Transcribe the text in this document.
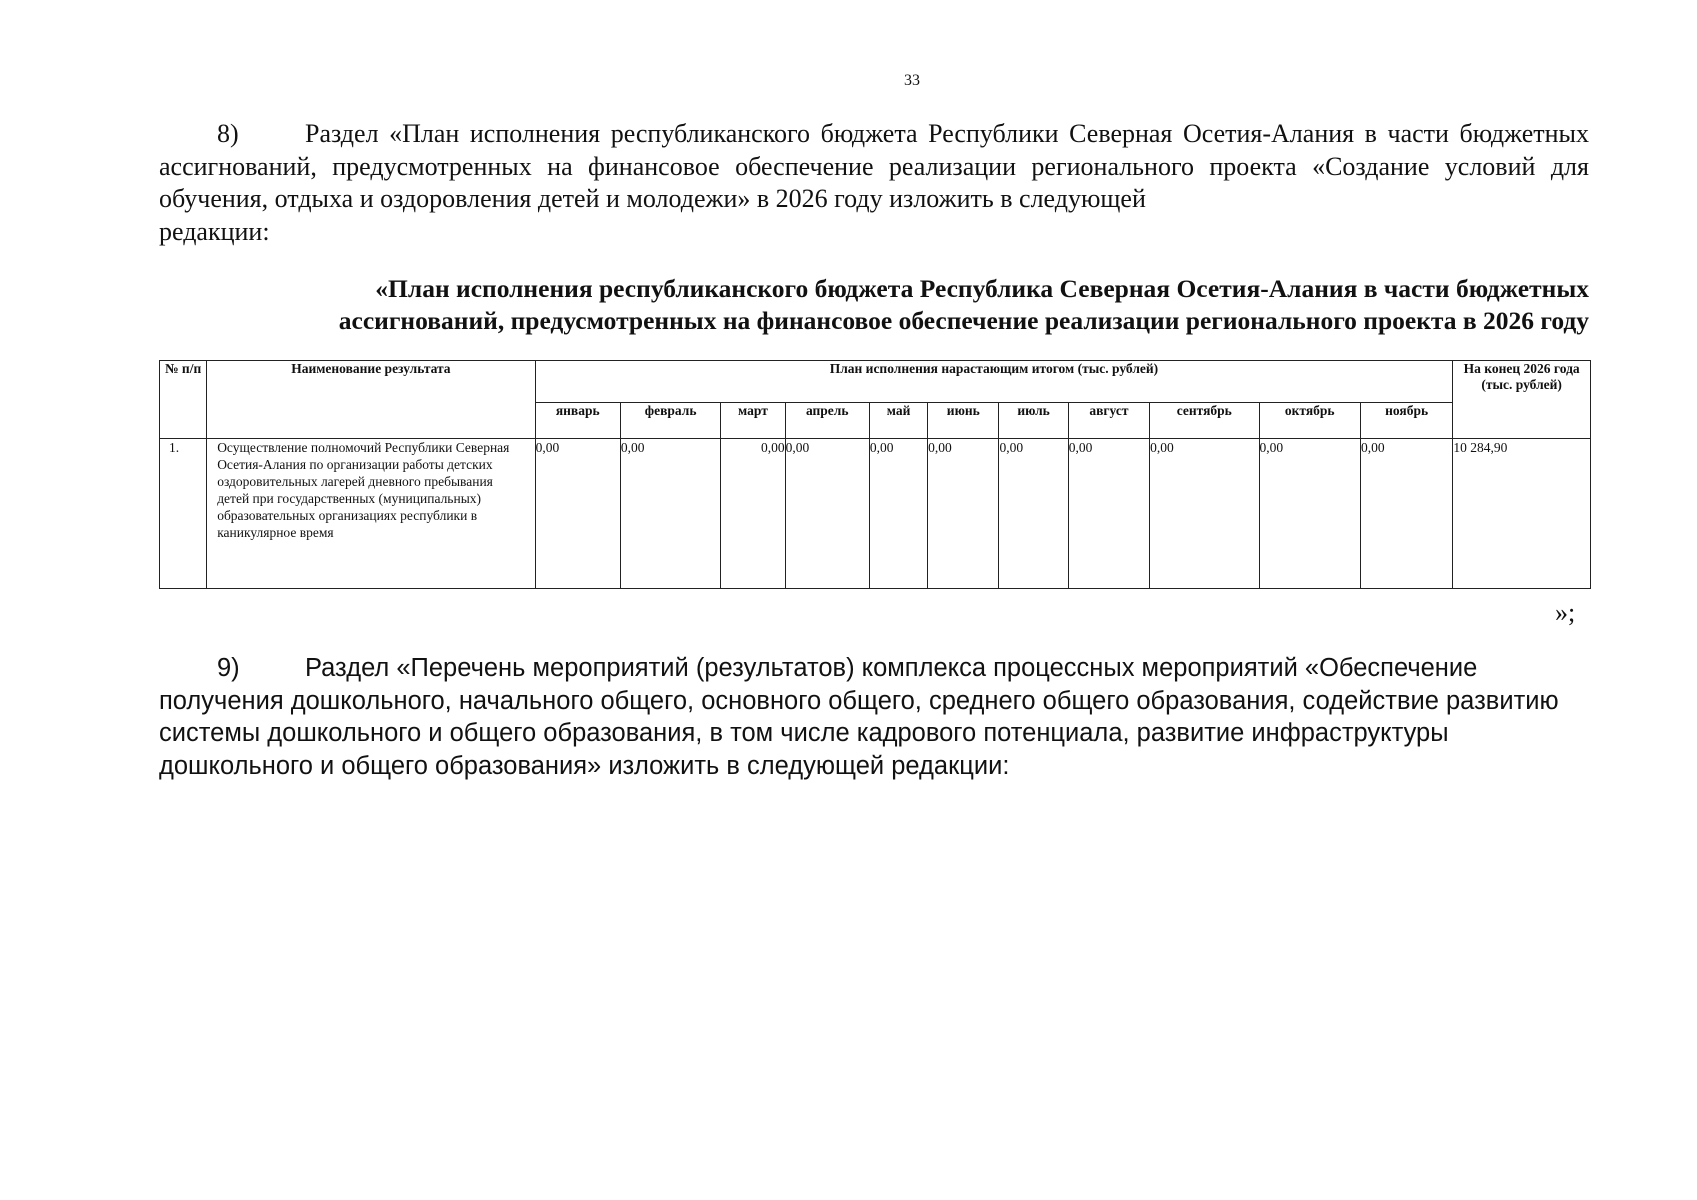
33
8)	Раздел «План исполнения республиканского бюджета Республики Северная Осетия-Алания в части бюджетных ассигнований, предусмотренных на финансовое обеспечение реализации регионального проекта «Создание условий для обучения, отдыха и оздоровления детей и молодежи» в 2026 году изложить в следующей
редакции:
«План исполнения республиканского бюджета Республика Северная Осетия-Алания в части бюджетных
ассигнований, предусмотренных на финансовое обеспечение реализации регионального проекта в 2026 году
№ п/п	Наименование результата	План исполнения нарастающим итогом (тыс. рублей)											На конец 2026 года (тыс. рублей)
		январь	февраль	март	апрель	май	июнь	июль	август	сентябрь	октябрь	ноябрь	
1.	Осуществление полномочий Республики Северная Осетия-Алания по организации работы детских оздоровительных лагерей дневного пребывания детей при государственных (муниципальных) образовательных организациях республики в каникулярное время	0,00	0,00	0,00	0,00	0,00	0,00	0,00	0,00	0,00	0,00	0,00	10 284,90
»;
9)	Раздел «Перечень мероприятий (результатов) комплекса процессных мероприятий «Обеспечение получения дошкольного, начального общего, основного общего, среднего общего образования, содействие развитию системы дошкольного и общего образования, в том числе кадрового потенциала, развитие инфраструктуры дошкольного и общего образования» изложить в следующей редакции:
